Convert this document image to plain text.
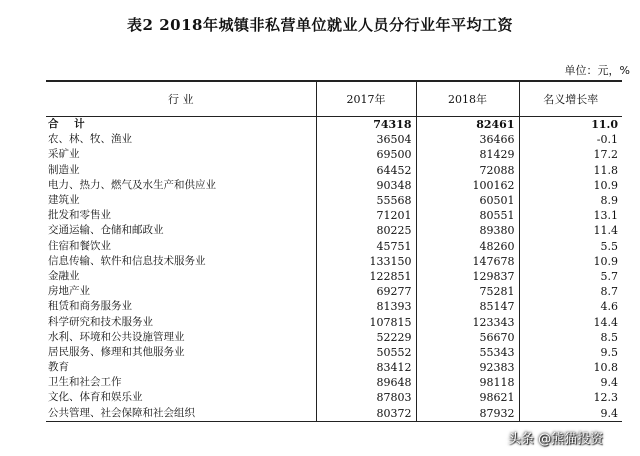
表2 2018年城镇非私营单位就业人员分行业年平均工资
单位：元，%
行 业	2017年	2018年	名义增长率
合 计	74318	82461	11.0
农、林、牧、渔业	36504	36466	-0.1
采矿业	69500	81429	17.2
制造业	64452	72088	11.8
电力、热力、燃气及水生产和供应业	90348	100162	10.9
建筑业	55568	60501	8.9
批发和零售业	71201	80551	13.1
交通运输、仓储和邮政业	80225	89380	11.4
住宿和餐饮业	45751	48260	5.5
信息传输、软件和信息技术服务业	133150	147678	10.9
金融业	122851	129837	5.7
房地产业	69277	75281	8.7
租赁和商务服务业	81393	85147	4.6
科学研究和技术服务业	107815	123343	14.4
水利、环境和公共设施管理业	52229	56670	8.5
居民服务、修理和其他服务业	50552	55343	9.5
教育	83412	92383	10.8
卫生和社会工作	89648	98118	9.4
文化、体育和娱乐业	87803	98621	12.3
公共管理、社会保障和社会组织	80372	87932	9.4
头条 @熊猫投资
